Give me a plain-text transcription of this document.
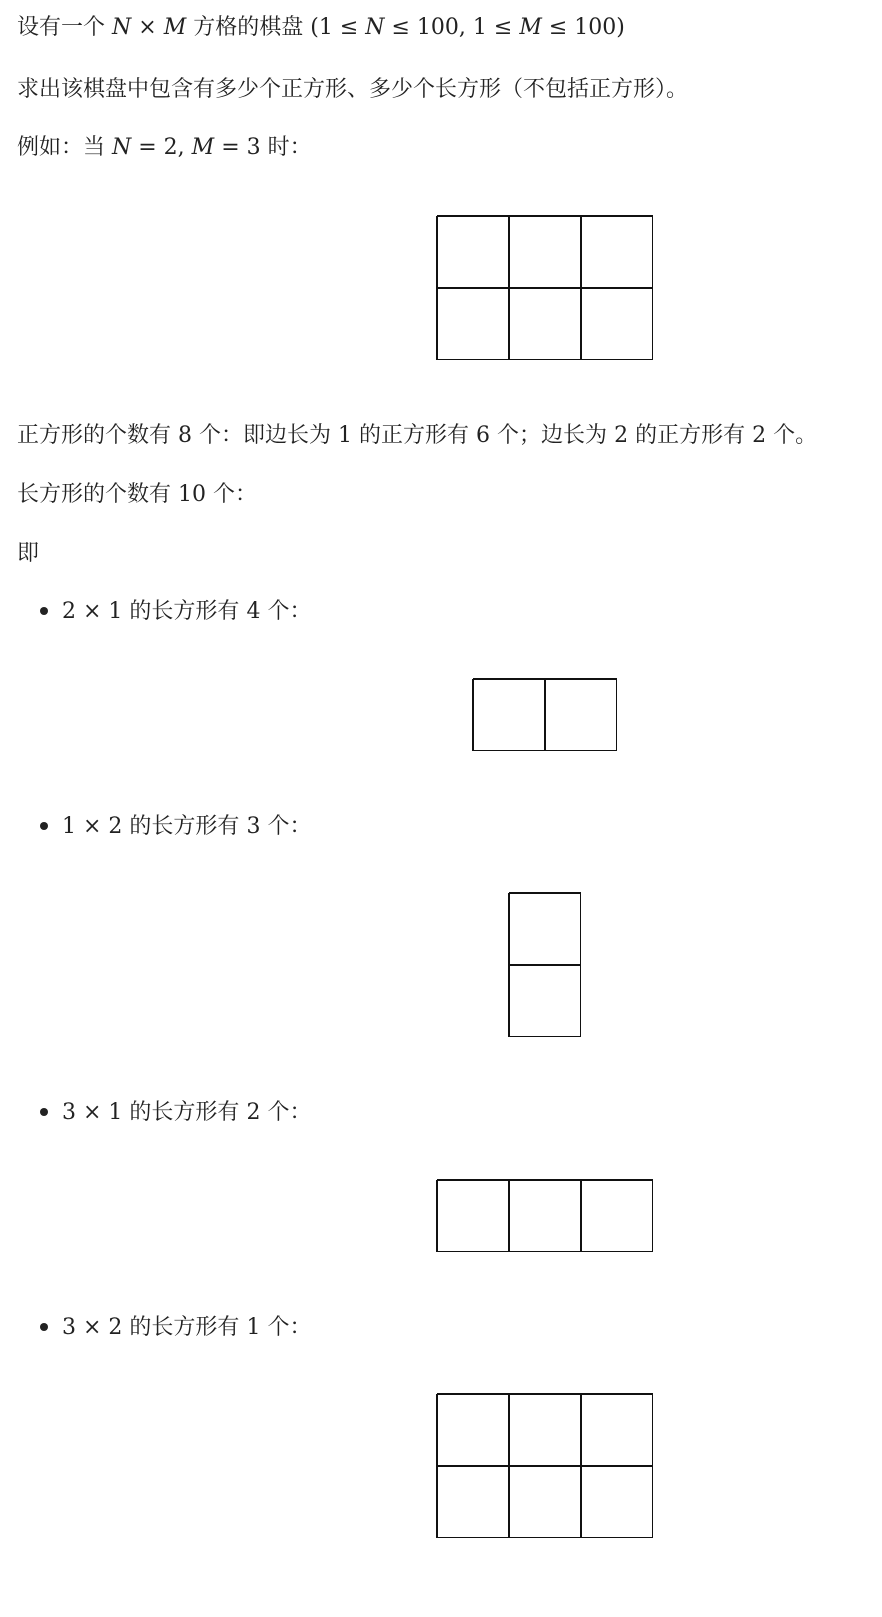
设有一个 N × M 方格的棋盘 (1 ≤ N ≤ 100, 1 ≤ M ≤ 100)

求出该棋盘中包含有多少个正方形、多少个长方形（不包括正方形）。

例如：当 N = 2, M = 3 时：

正方形的个数有 8 个：即边长为 1 的正方形有 6 个；边长为 2 的正方形有 2 个。

长方形的个数有 10 个：

即

2 × 1 的长方形有 4 个：

1 × 2 的长方形有 3 个：

3 × 1 的长方形有 2 个：

3 × 2 的长方形有 1 个：
